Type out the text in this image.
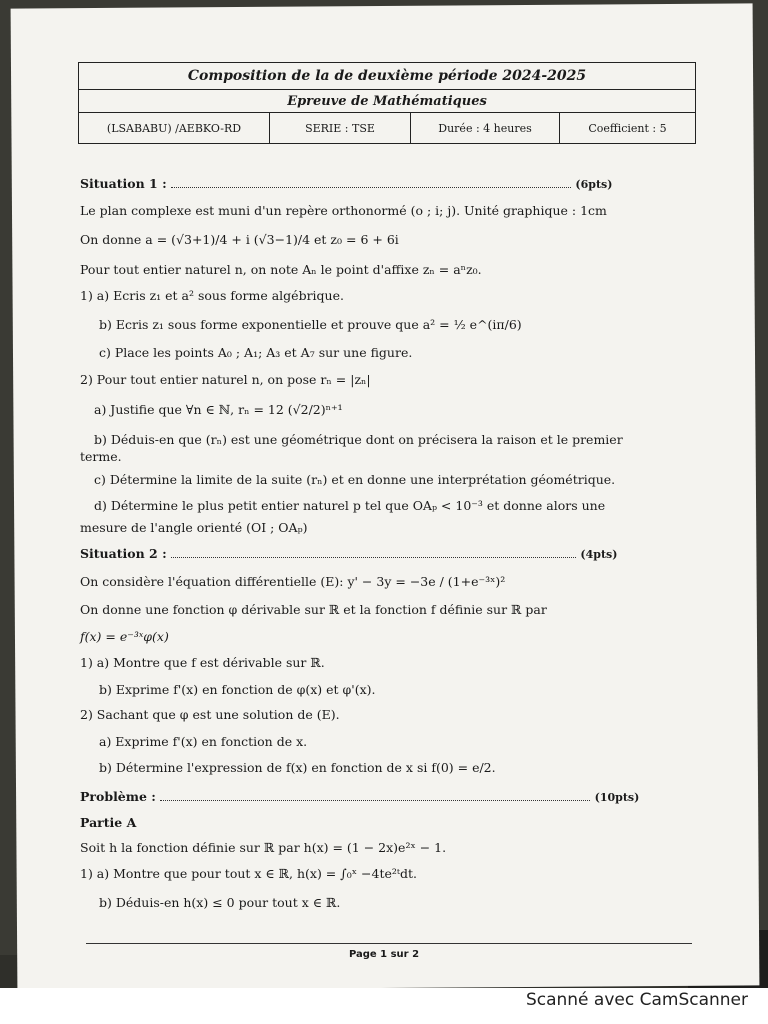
Composition de la de deuxième période 2024-2025
Epreuve de Mathématiques
(LSABABU) /AEBKO-RD	SERIE : TSE	Durée : 4 heures	Coefficient : 5
Situation 1 :	(6pts)
Le plan complexe est muni d'un repère orthonormé (o ; i; j). Unité graphique : 1cm
On donne a = (√3+1)/4 + i (√3−1)/4 et z₀ = 6 + 6i
Pour tout entier naturel n, on note Aₙ le point d'affixe zₙ = aⁿz₀.
1) a) Ecris z₁ et a² sous forme algébrique.
b) Ecris z₁ sous forme exponentielle et prouve que a² = ½ e^(iπ/6)
c) Place les points A₀ ; A₁; A₃ et A₇ sur une figure.
2) Pour tout entier naturel n, on pose rₙ = |zₙ|
a) Justifie que ∀n ∈ ℕ, rₙ = 12 (√2/2)ⁿ⁺¹
b) Déduis-en que (rₙ) est une géométrique dont on précisera la raison et le premier
terme.
c) Détermine la limite de la suite (rₙ) et en donne une interprétation géométrique.
d) Détermine le plus petit entier naturel p tel que OAₚ < 10⁻³ et donne alors une
mesure de l'angle orienté (OI ; OAₚ)
Situation 2 :	(4pts)
On considère l'équation différentielle (E): y' − 3y = −3e / (1+e⁻³ˣ)²
On donne une fonction φ dérivable sur ℝ et la fonction f définie sur ℝ par
f(x) = e⁻³ˣφ(x)
1) a) Montre que f est dérivable sur ℝ.
b) Exprime f'(x) en fonction de φ(x) et φ'(x).
2) Sachant que φ est une solution de (E).
a) Exprime f'(x) en fonction de x.
b) Détermine l'expression de f(x) en fonction de x si f(0) = e/2.
Problème :	(10pts)
Partie A
Soit h la fonction définie sur ℝ par h(x) = (1 − 2x)e²ˣ − 1.
1) a) Montre que pour tout x ∈ ℝ, h(x) = ∫₀ˣ −4te²ᵗdt.
b) Déduis-en h(x) ≤ 0 pour tout x ∈ ℝ.
Page 1 sur 2
Scanné avec CamScanner
